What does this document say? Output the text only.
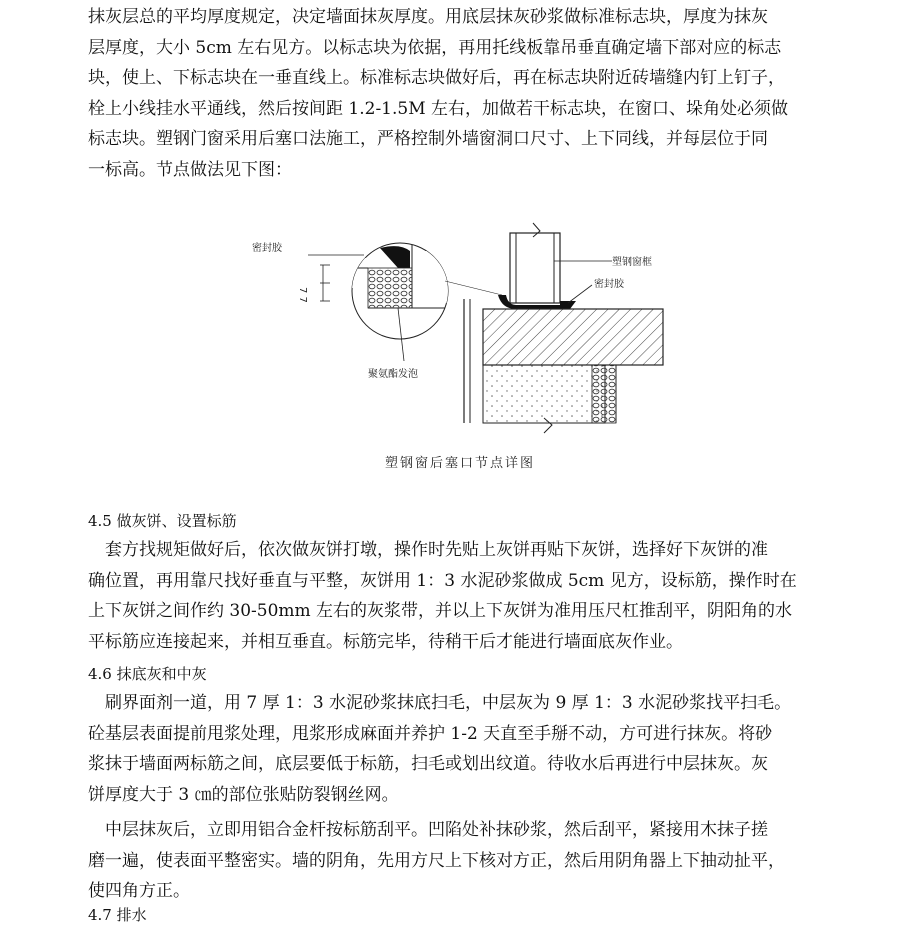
抹灰层总的平均厚度规定，决定墙面抹灰厚度。用底层抹灰砂浆做标准标志块，厚度为抹灰
层厚度，大小 5cm 左右见方。以标志块为依据，再用托线板靠吊垂直确定墙下部对应的标志
块，使上、下标志块在一垂直线上。标准标志块做好后，再在标志块附近砖墙缝内钉上钉子，
栓上小线挂水平通线，然后按间距 1.2-1.5M 左右，加做若干标志块，在窗口、垛角处必须做
标志块。塑钢门窗采用后塞口法施工，严格控制外墙窗洞口尺寸、上下同线，并每层位于同
一标高。节点做法见下图：
7 7
密封胶
聚氨酯发泡
塑钢窗框
密封胶
塑钢窗后塞口节点详图

4.5 做灰饼、设置标筋

　套方找规矩做好后，依次做灰饼打墩，操作时先贴上灰饼再贴下灰饼，选择好下灰饼的准
确位置，再用靠尺找好垂直与平整，灰饼用 1：3 水泥砂浆做成 5cm 见方，设标筋，操作时在
上下灰饼之间作约 30-50mm 左右的灰浆带，并以上下灰饼为准用压尺杠推刮平，阴阳角的水
平标筋应连接起来，并相互垂直。标筋完毕，待稍干后才能进行墙面底灰作业。

4.6 抹底灰和中灰

　刷界面剂一道，用 7 厚 1：3 水泥砂浆抹底扫毛，中层灰为 9 厚 1：3 水泥砂浆找平扫毛。
砼基层表面提前甩浆处理，甩浆形成麻面并养护 1-2 天直至手掰不动，方可进行抹灰。将砂
浆抹于墙面两标筋之间，底层要低于标筋，扫毛或划出纹道。待收水后再进行中层抹灰。灰
饼厚度大于 3 ㎝的部位张贴防裂钢丝网。
　中层抹灰后，立即用铝合金杆按标筋刮平。凹陷处补抹砂浆，然后刮平，紧接用木抹子搓
磨一遍，使表面平整密实。墙的阴角，先用方尺上下核对方正，然后用阴角器上下抽动扯平，
使四角方正。

4.7 排水
